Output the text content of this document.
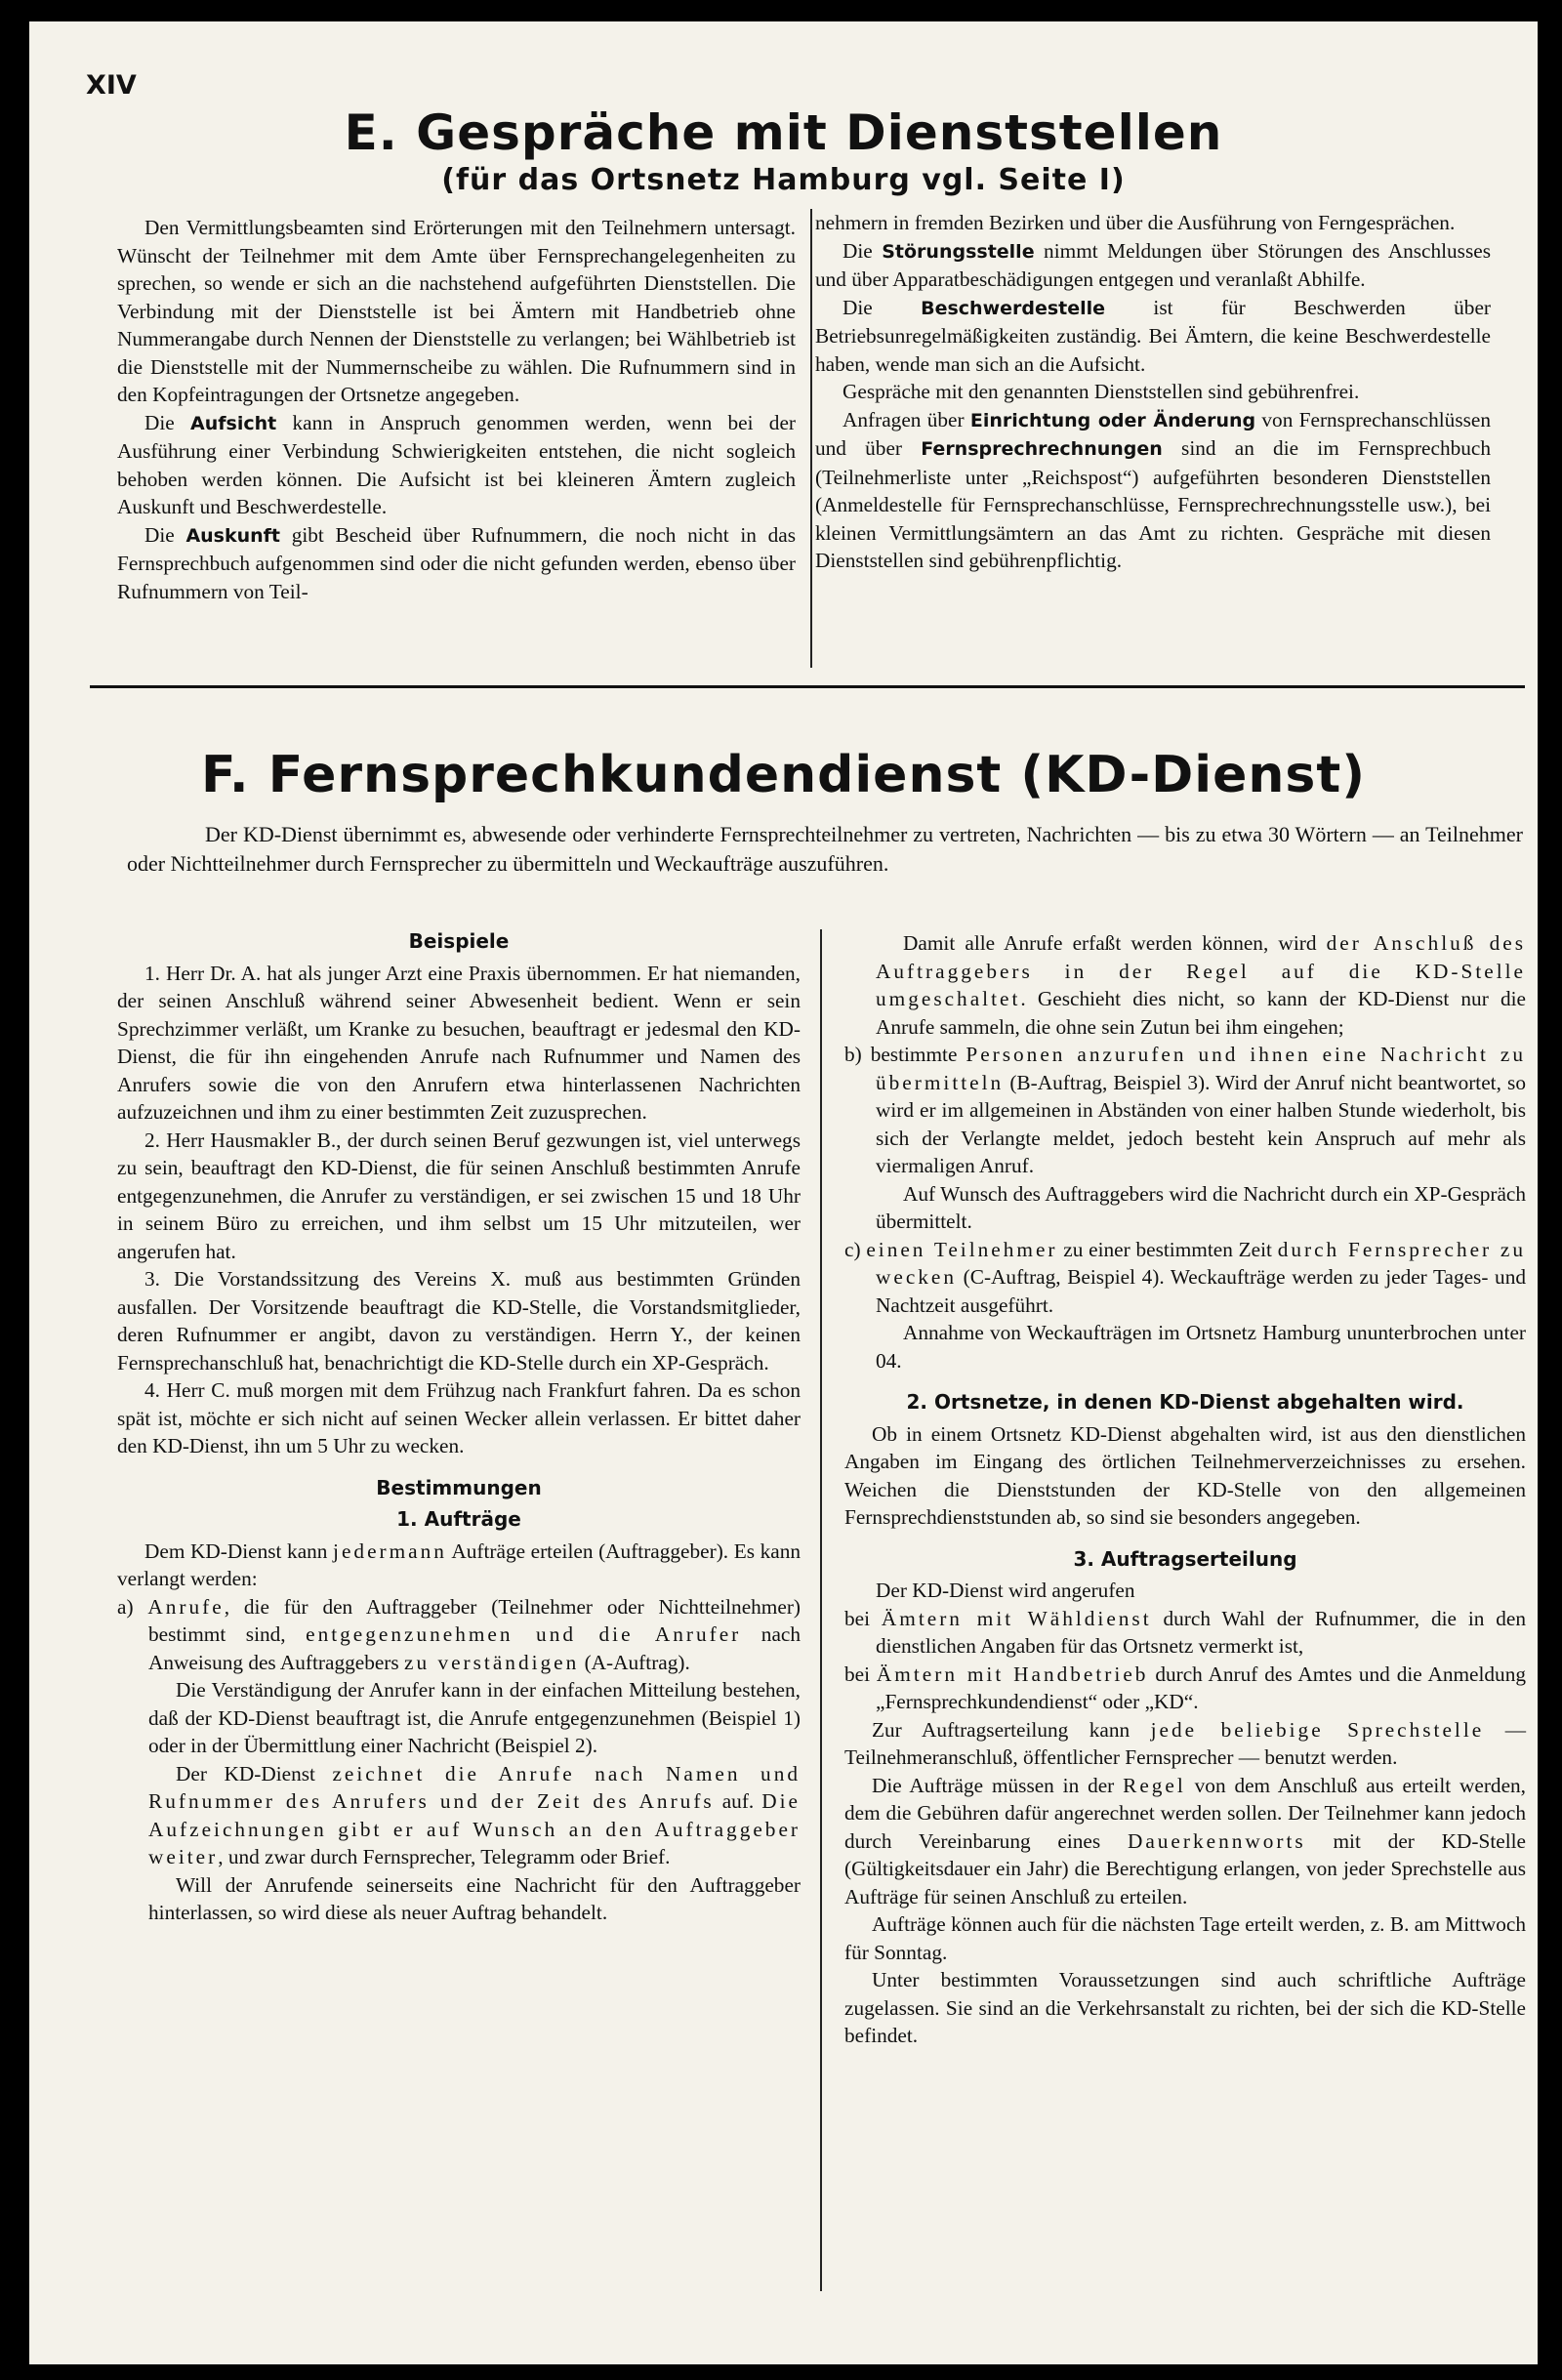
XIV
E. Gespräche mit Dienststellen
(für das Ortsnetz Hamburg vgl. Seite I)

Den Vermittlungsbeamten sind Erörterungen mit den Teilnehmern untersagt. Wünscht der Teilnehmer mit dem Amte über Fernsprechangelegenheiten zu sprechen, so wende er sich an die nachstehend aufgeführten Dienststellen. Die Verbindung mit der Dienststelle ist bei Ämtern mit Handbetrieb ohne Nummerangabe durch Nennen der Dienststelle zu verlangen; bei Wählbetrieb ist die Dienststelle mit der Nummernscheibe zu wählen. Die Rufnummern sind in den Kopfeintragungen der Ortsnetze angegeben.

Die Aufsicht kann in Anspruch genommen werden, wenn bei der Ausführung einer Verbindung Schwierigkeiten entstehen, die nicht sogleich behoben werden können. Die Aufsicht ist bei kleineren Ämtern zugleich Auskunft und Beschwerdestelle.

Die Auskunft gibt Bescheid über Rufnummern, die noch nicht in das Fernsprechbuch aufgenommen sind oder die nicht gefunden werden, ebenso über Rufnummern von Teil-

nehmern in fremden Bezirken und über die Ausführung von Ferngesprächen.

Die Störungsstelle nimmt Meldungen über Störungen des Anschlusses und über Apparatbeschädigungen entgegen und veranlaßt Abhilfe.

Die Beschwerdestelle ist für Beschwerden über Betriebsunregelmäßigkeiten zuständig. Bei Ämtern, die keine Beschwerdestelle haben, wende man sich an die Aufsicht.

Gespräche mit den genannten Dienststellen sind gebührenfrei.

Anfragen über Einrichtung oder Änderung von Fernsprechanschlüssen und über Fernsprechrechnungen sind an die im Fernsprechbuch (Teilnehmerliste unter „Reichspost“) aufgeführten besonderen Dienststellen (Anmeldestelle für Fernsprechanschlüsse, Fernsprechrechnungsstelle usw.), bei kleinen Vermittlungsämtern an das Amt zu richten. Gespräche mit diesen Dienststellen sind gebührenpflichtig.

F. Fernsprechkundendienst (KD-Dienst)

Der KD-Dienst übernimmt es, abwesende oder verhinderte Fernsprechteilnehmer zu vertreten, Nachrichten — bis zu etwa 30 Wörtern — an Teilnehmer oder Nichtteilnehmer durch Fernsprecher zu übermitteln und Weckaufträge auszuführen.

Beispiele

1. Herr Dr. A. hat als junger Arzt eine Praxis übernommen. Er hat niemanden, der seinen Anschluß während seiner Abwesenheit bedient. Wenn er sein Sprechzimmer verläßt, um Kranke zu besuchen, beauftragt er jedesmal den KD-Dienst, die für ihn eingehenden Anrufe nach Rufnummer und Namen des Anrufers sowie die von den Anrufern etwa hinterlassenen Nachrichten aufzuzeichnen und ihm zu einer bestimmten Zeit zuzusprechen.

2. Herr Hausmakler B., der durch seinen Beruf gezwungen ist, viel unterwegs zu sein, beauftragt den KD-Dienst, die für seinen Anschluß bestimmten Anrufe entgegenzunehmen, die Anrufer zu verständigen, er sei zwischen 15 und 18 Uhr in seinem Büro zu erreichen, und ihm selbst um 15 Uhr mitzuteilen, wer angerufen hat.

3. Die Vorstandssitzung des Vereins X. muß aus bestimmten Gründen ausfallen. Der Vorsitzende beauftragt die KD-Stelle, die Vorstandsmitglieder, deren Rufnummer er angibt, davon zu verständigen. Herrn Y., der keinen Fernsprechanschluß hat, benachrichtigt die KD-Stelle durch ein XP-Gespräch.

4. Herr C. muß morgen mit dem Frühzug nach Frankfurt fahren. Da es schon spät ist, möchte er sich nicht auf seinen Wecker allein verlassen. Er bittet daher den KD-Dienst, ihn um 5 Uhr zu wecken.

Bestimmungen
1. Aufträge

Dem KD-Dienst kann jedermann Aufträge erteilen (Auftraggeber). Es kann verlangt werden:

a) Anrufe, die für den Auftraggeber (Teilnehmer oder Nichtteilnehmer) bestimmt sind, entgegenzunehmen und die Anrufer nach Anweisung des Auftraggebers zu verständigen (A-Auftrag).

Die Verständigung der Anrufer kann in der einfachen Mitteilung bestehen, daß der KD-Dienst beauftragt ist, die Anrufe entgegenzunehmen (Beispiel 1) oder in der Übermittlung einer Nachricht (Beispiel 2).

Der KD-Dienst zeichnet die Anrufe nach Namen und Rufnummer des Anrufers und der Zeit des Anrufs auf. Die Aufzeichnungen gibt er auf Wunsch an den Auftraggeber weiter, und zwar durch Fernsprecher, Telegramm oder Brief.

Will der Anrufende seinerseits eine Nachricht für den Auftraggeber hinterlassen, so wird diese als neuer Auftrag behandelt.

Damit alle Anrufe erfaßt werden können, wird der Anschluß des Auftraggebers in der Regel auf die KD-Stelle umgeschaltet. Geschieht dies nicht, so kann der KD-Dienst nur die Anrufe sammeln, die ohne sein Zutun bei ihm eingehen;

b) bestimmte Personen anzurufen und ihnen eine Nachricht zu übermitteln (B-Auftrag, Beispiel 3). Wird der Anruf nicht beantwortet, so wird er im allgemeinen in Abständen von einer halben Stunde wiederholt, bis sich der Verlangte meldet, jedoch besteht kein Anspruch auf mehr als viermaligen Anruf.

Auf Wunsch des Auftraggebers wird die Nachricht durch ein XP-Gespräch übermittelt.

c) einen Teilnehmer zu einer bestimmten Zeit durch Fernsprecher zu wecken (C-Auftrag, Beispiel 4). Weckaufträge werden zu jeder Tages- und Nachtzeit ausgeführt.

Annahme von Weckaufträgen im Ortsnetz Hamburg ununterbrochen unter 04.

2. Ortsnetze, in denen KD-Dienst abgehalten wird.

Ob in einem Ortsnetz KD-Dienst abgehalten wird, ist aus den dienstlichen Angaben im Eingang des örtlichen Teilnehmerverzeichnisses zu ersehen. Weichen die Dienststunden der KD-Stelle von den allgemeinen Fernsprechdienststunden ab, so sind sie besonders angegeben.

3. Auftragserteilung

Der KD-Dienst wird angerufen

bei Ämtern mit Wähldienst durch Wahl der Rufnummer, die in den dienstlichen Angaben für das Ortsnetz vermerkt ist,

bei Ämtern mit Handbetrieb durch Anruf des Amtes und die Anmeldung „Fernsprechkundendienst“ oder „KD“.

Zur Auftragserteilung kann jede beliebige Sprechstelle — Teilnehmeranschluß, öffentlicher Fernsprecher — benutzt werden.

Die Aufträge müssen in der Regel von dem Anschluß aus erteilt werden, dem die Gebühren dafür angerechnet werden sollen. Der Teilnehmer kann jedoch durch Vereinbarung eines Dauerkennworts mit der KD-Stelle (Gültigkeitsdauer ein Jahr) die Berechtigung erlangen, von jeder Sprechstelle aus Aufträge für seinen Anschluß zu erteilen.

Aufträge können auch für die nächsten Tage erteilt werden, z. B. am Mittwoch für Sonntag.

Unter bestimmten Voraussetzungen sind auch schriftliche Aufträge zugelassen. Sie sind an die Verkehrsanstalt zu richten, bei der sich die KD-Stelle befindet.
